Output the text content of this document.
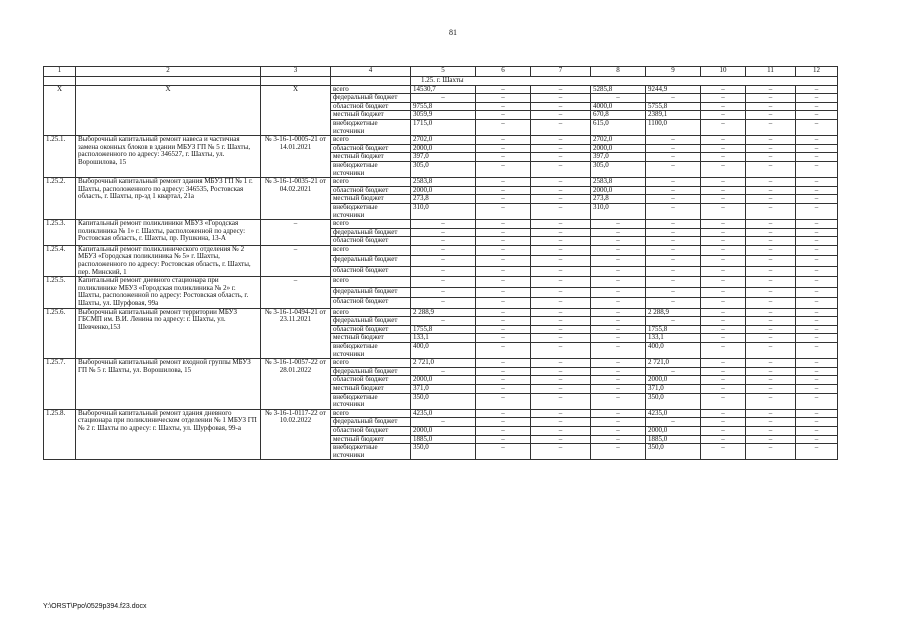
81
1	2	3	4	5	6	7	8	9	10	11	12
				1.25. г. Шахты							
X	Х	Х	всего	14530,7	–	–	5285,8	9244,9	–	–	–
			федеральный бюджет	–	–	–	–	–	–	–	–
			областной бюджет	9755,8	–	–	4000,0	5755,8	–	–	–
			местный бюджет	3059,9	–	–	670,8	2389,1	–	–	–
			внебюджетные источники	1715,0	–	–	615,0	1100,0	–	–	–
1.25.1.	Выборочный капитальный ремонт навеса и частичная замена оконных блоков в здании МБУЗ ГП № 5 г. Шахты, расположенного по адресу: 346527, г. Шахты, ул. Ворошилова, 15	№ 3-16-1-0005-21 от 14.01.2021	всего	2702,0	–	–	2702,0	–	–	–	–
			областной бюджет	2000,0	–	–	2000,0	–	–	–	–
			местный бюджет	397,0	–	–	397,0	–	–	–	–
			внебюджетные источники	305,0	–	–	305,0	–	–	–	–
1.25.2.	Выборочный капитальный ремонт здания МБУЗ ГП № 1 г. Шахты, расположенного по адресу: 346535, Ростовская область, г. Шахты, пр-зд 1 квартал, 21а	№ 3-16-1-0035-21 от 04.02.2021	всего	2583,8	–	–	2583,8	–	–	–	–
			областной бюджет	2000,0	–	–	2000,0	–	–	–	–
			местный бюджет	273,8	–	–	273,8	–	–	–	–
			внебюджетные источники	310,0	–	–	310,0	–	–	–	–
1.25.3.	Капитальный ремонт поликлиники МБУЗ «Городская поликлиника № 1» г. Шахты, расположенной по адресу: Ростовская область, г. Шахты, пр. Пушкина, 13-А	–	всего	–	–	–	–	–	–	–	–
			федеральный бюджет	–	–	–	–	–	–	–	–
			областной бюджет	–	–	–	–	–	–	–	–
1.25.4.	Капитальный ремонт поликлинического отделения № 2 МБУЗ «Городская поликлиника № 5» г. Шахты, расположенного по адресу: Ростовская область, г. Шахты, пер. Минский, 1	–	всего	–	–	–	–	–	–	–	–
			федеральный бюджет	–	–	–	–	–	–	–	–
			областной бюджет	–	–	–	–	–	–	–	–
1.25.5.	Капитальный ремонт дневного стационара при поликлинике МБУЗ «Городская поликлиника № 2» г. Шахты, расположенной по адресу: Ростовская область, г. Шахты, ул. Шурфовая, 99а	–	всего	–	–	–	–	–	–	–	–
			федеральный бюджет	–	–	–	–	–	–	–	–
			областной бюджет	–	–	–	–	–	–	–	–
1.25.6.	Выборочный капитальный ремонт территории МБУЗ ГБСМП им. В.И. Ленина по адресу: г. Шахты, ул. Шевченко,153	№ 3-16-1-0494-21 от 23.11.2021	всего	2 288,9	–	–	–	2 288,9	–	–	–
			федеральный бюджет	–	–	–	–	–	–	–	–
			областной бюджет	1755,8	–	–	–	1755,8	–	–	–
			местный бюджет	133,1	–	–	–	133,1	–	–	–
			внебюджетные источники	400,0	–	–	–	400,0	–	–	–
1.25.7.	Выборочный капитальный ремонт входной группы МБУЗ ГП № 5 г. Шахты, ул. Ворошилова, 15	№ 3-16-1-0057-22 от 28.01.2022	всего	2 721,0	–	–	–	2 721,0	–	–	–
			федеральный бюджет	–	–	–	–	–	–	–	–
			областной бюджет	2000,0	–	–	–	2000,0	–	–	–
			местный бюджет	371,0	–	–	–	371,0	–	–	–
			внебюджетные источники	350,0	–	–	–	350,0	–	–	–
1.25.8.	Выборочный капитальный ремонт здания дневного стационара при поликлиническом отделении № 1 МБУЗ ГП № 2 г. Шахты по адресу: г. Шахты, ул. Шурфовая, 99-а	№ 3-16-1-0117-22 от 10.02.2022	всего	4235,0	–	–	–	4235,0	–	–	–
			федеральный бюджет	–	–	–	–	–	–	–	–
			областной бюджет	2000,0	–	–	–	2000,0	–	–	–
			местный бюджет	1885,0	–	–	–	1885,0	–	–	–
			внебюджетные источники	350,0	–	–	–	350,0	–	–	–
Y:\ORST\Ppo\0529p394.f23.docx
